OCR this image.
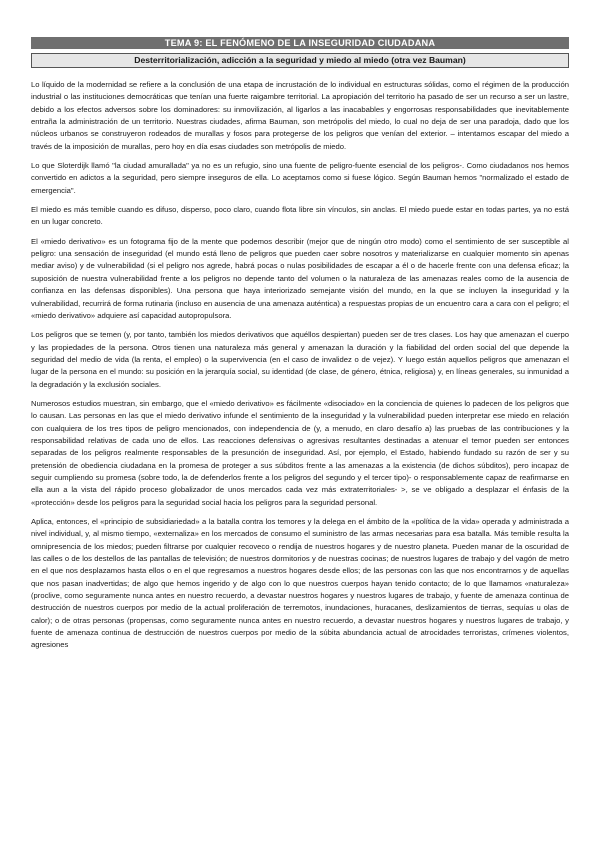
TEMA 9: EL FENÓMENO DE LA INSEGURIDAD CIUDADANA
Desterritorialización, adicción a la seguridad y miedo al miedo (otra vez Bauman)

Lo líquido de la modernidad se refiere a la conclusión de una etapa de incrustación de lo individual en estructuras sólidas, como el régimen de la producción industrial o las instituciones democráticas que tenían una fuerte raigambre territorial. La apropiación del territorio ha pasado de ser un recurso a ser un lastre, debido a los efectos adversos sobre los dominadores: su inmovilización, al ligarlos a las inacabables y engorrosas responsabilidades que inevitablemente entraña la administración de un territorio. Nuestras ciudades, afirma Bauman, son metrópolis del miedo, lo cual no deja de ser una paradoja, dado que los núcleos urbanos se construyeron rodeados de murallas y fosos para protegerse de los peligros que venían del exterior. – intentamos escapar del miedo a través de la imposición de murallas, pero hoy en día esas ciudades son metrópolis de miedo.

Lo que Sloterdijk llamó "la ciudad amurallada" ya no es un refugio, sino una fuente de peligro-fuente esencial de los peligros-. Como ciudadanos nos hemos convertido en adictos a la seguridad, pero siempre inseguros de ella. Lo aceptamos como si fuese lógico. Según Bauman hemos "normalizado el estado de emergencia".

El miedo es más temible cuando es difuso, disperso, poco claro, cuando flota libre sin vínculos, sin anclas. El miedo puede estar en todas partes, ya no está en un lugar concreto.

El «miedo derivativo» es un fotograma fijo de la mente que podemos describir (mejor que de ningún otro modo) como el sentimiento de ser susceptible al peligro: una sensación de inseguridad (el mundo está lleno de peligros que pueden caer sobre nosotros y materializarse en cualquier momento sin apenas mediar aviso) y de vulnerabilidad (si el peligro nos agrede, habrá pocas o nulas posibilidades de escapar a él o de hacerle frente con una defensa eficaz; la suposición de nuestra vulnerabilidad frente a los peligros no depende tanto del volumen o la naturaleza de las amenazas reales como de la ausencia de confianza en las defensas disponibles). Una persona que haya interiorizado semejante visión del mundo, en la que se incluyen la inseguridad y la vulnerabilidad, recurrirá de forma rutinaria (incluso en ausencia de una amenaza auténtica) a respuestas propias de un encuentro cara a cara con el peligro; el «miedo derivativo» adquiere así capacidad autopropulsora.

Los peligros que se temen (y, por tanto, también los miedos derivativos que aquéllos despiertan) pueden ser de tres clases. Los hay que amenazan el cuerpo y las propiedades de la persona. Otros tienen una naturaleza más general y amenazan la duración y la fiabilidad del orden social del que depende la seguridad del medio de vida (la renta, el empleo) o la supervivencia (en el caso de invalidez o de vejez). Y luego están aquellos peligros que amenazan el lugar de la persona en el mundo: su posición en la jerarquía social, su identidad (de clase, de género, étnica, religiosa) y, en líneas generales, su inmunidad a la degradación y la exclusión sociales.

Numerosos estudios muestran, sin embargo, que el «miedo derivativo» es fácilmente «disociado» en la conciencia de quienes lo padecen de los peligros que lo causan. Las personas en las que el miedo derivativo infunde el sentimiento de la inseguridad y la vulnerabilidad pueden interpretar ese miedo en relación con cualquiera de los tres tipos de peligro mencionados, con independencia de (y, a menudo, en claro desafío a) las pruebas de las contribuciones y la responsabilidad relativas de cada uno de ellos. Las reacciones defensivas o agresivas resultantes destinadas a atenuar el temor pueden ser entonces separadas de los peligros realmente responsables de la presunción de inseguridad. Así, por ejemplo, el Estado, habiendo fundado su razón de ser y su pretensión de obediencia ciudadana en la promesa de proteger a sus súbditos frente a las amenazas a la existencia (de dichos súbditos), pero incapaz de seguir cumpliendo su promesa (sobre todo, la de defenderlos frente a los peligros del segundo y el tercer tipo)- o responsablemente capaz de reafirmarse en ella aun a la vista del rápido proceso globalizador de unos mercados cada vez más extraterritoriales- >, se ve obligado a desplazar el énfasis de la «protección» desde los peligros para la seguridad social hacia los peligros para la seguridad personal.

Aplica, entonces, el «principio de subsidiariedad» a la batalla contra los temores y la delega en el ámbito de la «política de la vida» operada y administrada a nivel individual, y, al mismo tiempo, «externaliza» en los mercados de consumo el suministro de las armas necesarias para esa batalla. Más temible resulta la omnipresencia de los miedos; pueden filtrarse por cualquier recoveco o rendija de nuestros hogares y de nuestro planeta. Pueden manar de la oscuridad de las calles o de los destellos de las pantallas de televisión; de nuestros dormitorios y de nuestras cocinas; de nuestros lugares de trabajo y del vagón de metro en el que nos desplazamos hasta ellos o en el que regresamos a nuestros hogares desde ellos; de las personas con las que nos encontrarnos y de aquellas que nos pasan inadvertidas; de algo que hemos ingerido y de algo con lo que nuestros cuerpos hayan tenido contacto; de lo que llamamos «naturaleza» (proclive, como seguramente nunca antes en nuestro recuerdo, a devastar nuestros hogares y nuestros lugares de trabajo, y fuente de amenaza continua de destrucción de nuestros cuerpos por medio de la actual proliferación de terremotos, inundaciones, huracanes, deslizamientos de tierras, sequías u olas de calor); o de otras personas (propensas, como seguramente nunca antes en nuestro recuerdo, a devastar nuestros hogares y nuestros lugares de trabajo, y fuente de amenaza continua de destrucción de nuestros cuerpos por medio de la súbita abundancia actual de atrocidades terroristas, crímenes violentos, agresiones
